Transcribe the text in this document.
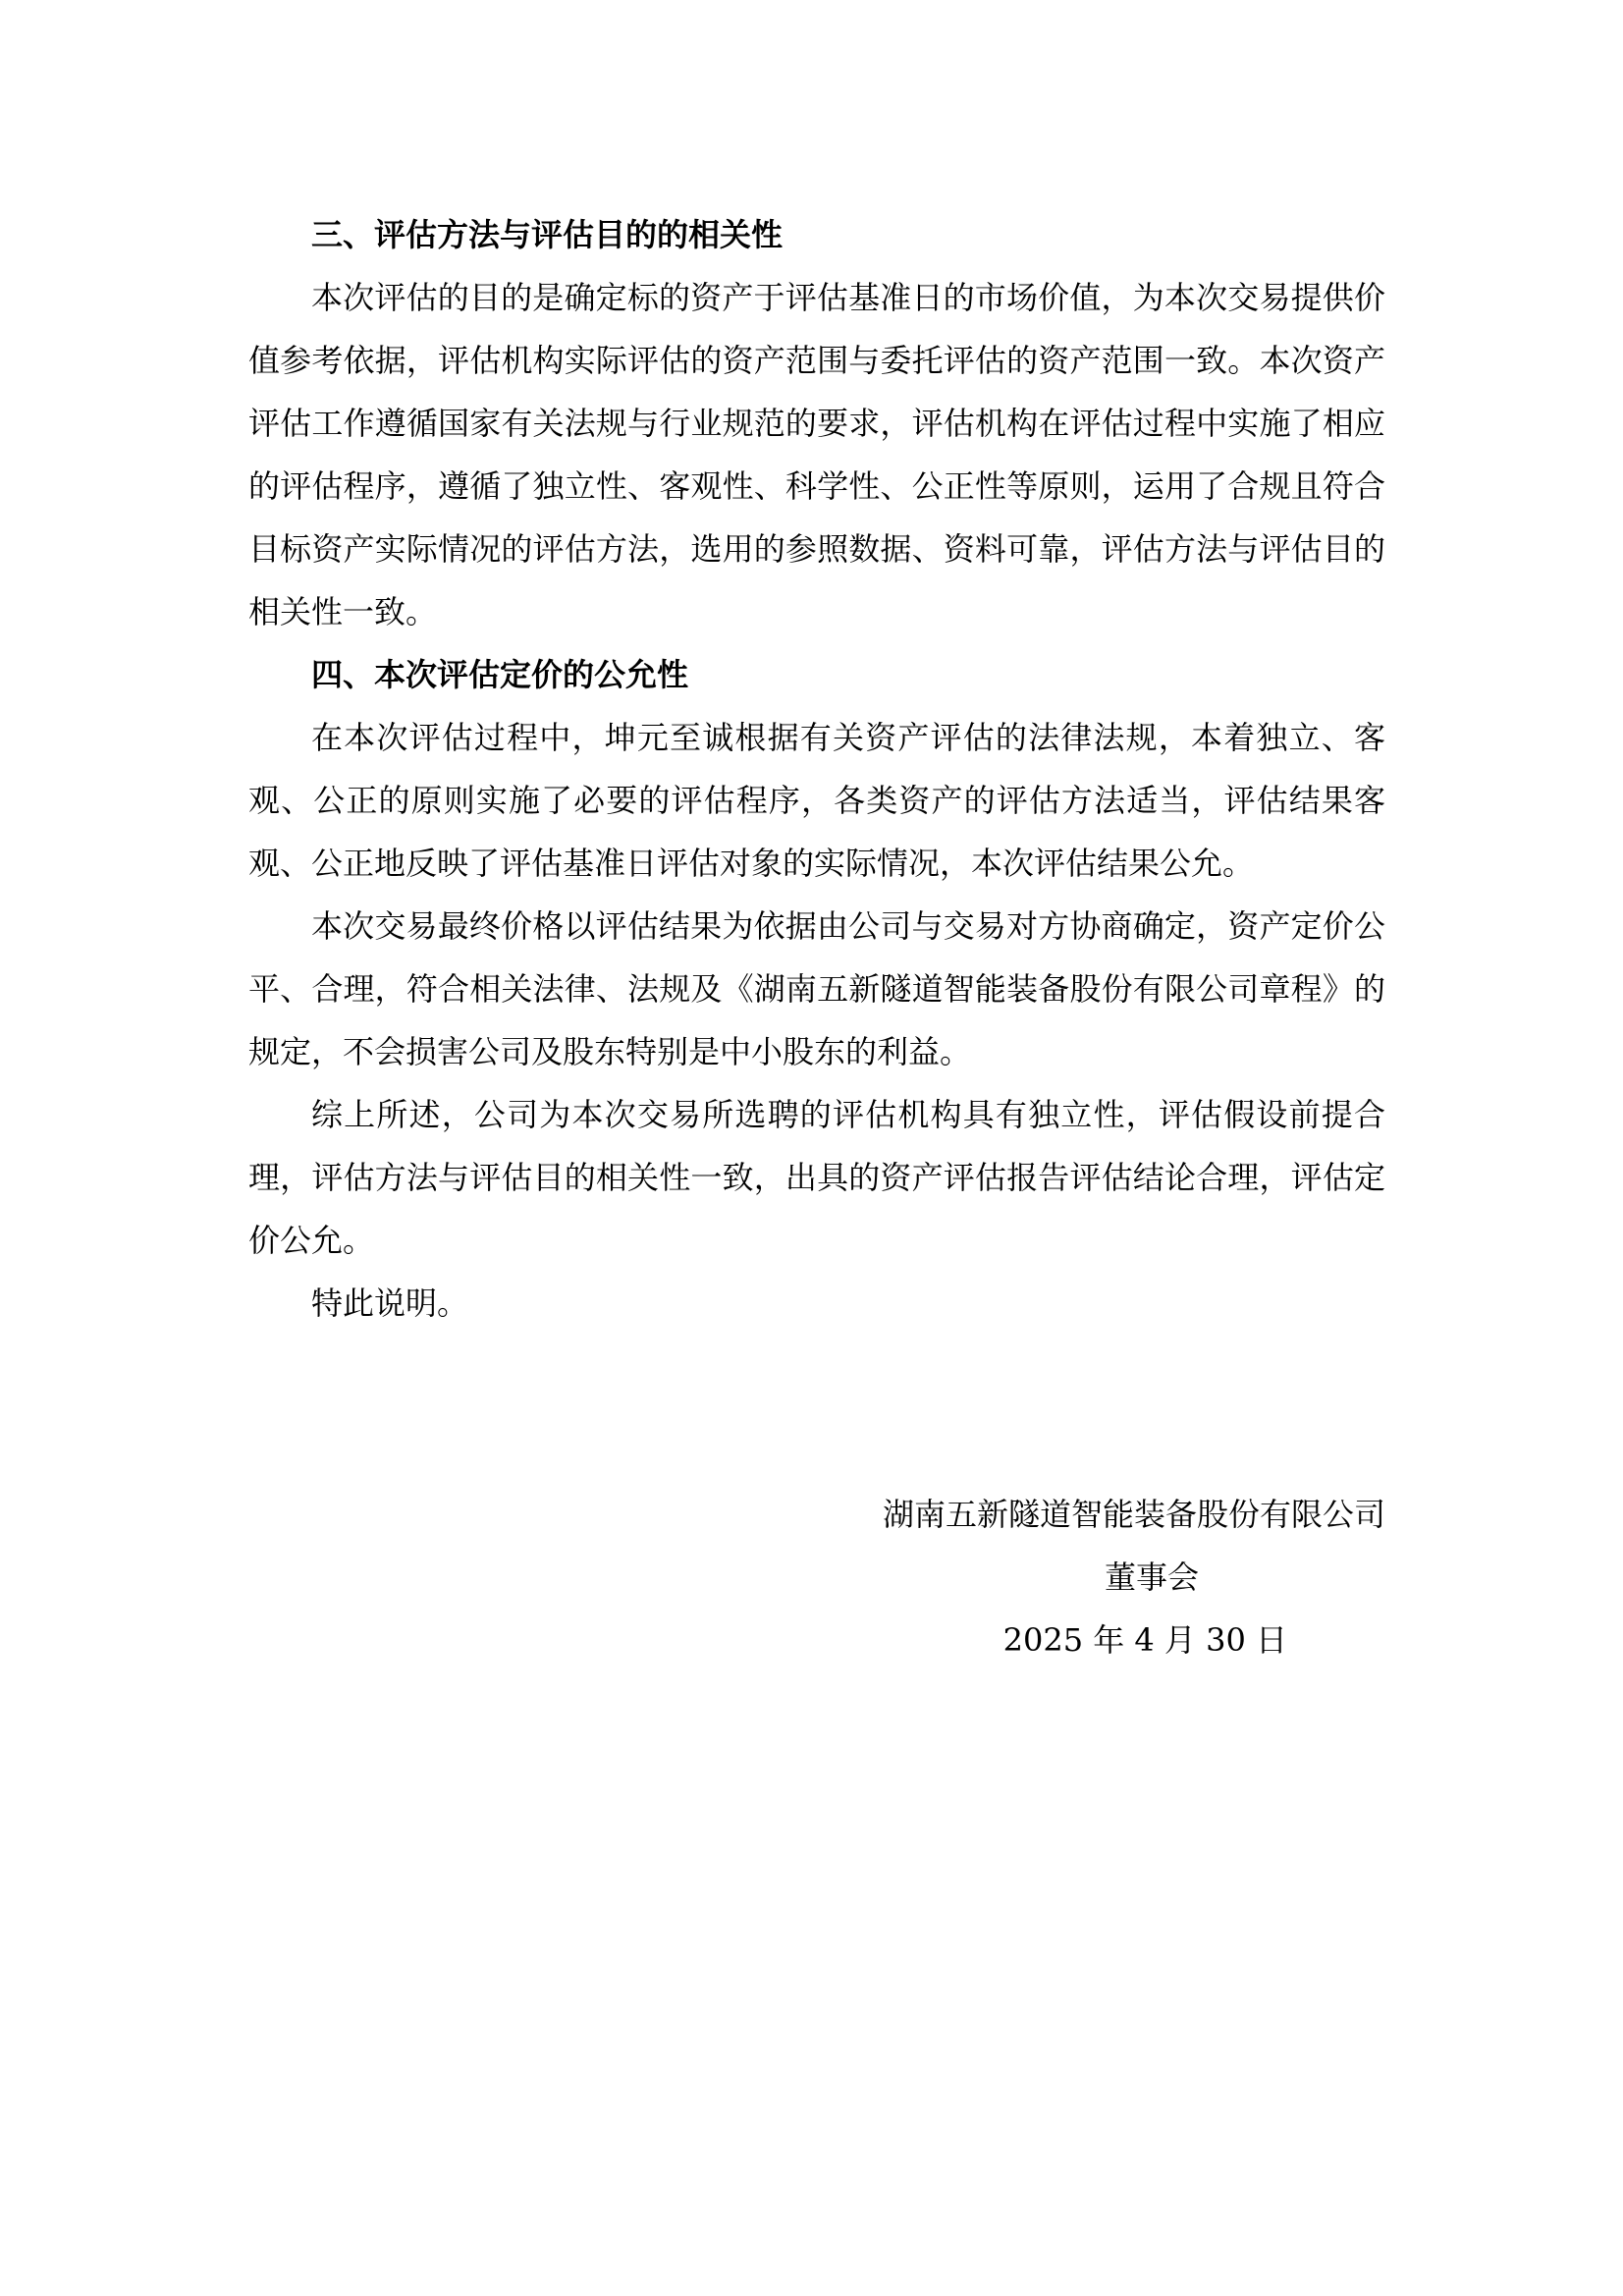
三、评估方法与评估目的的相关性

本次评估的目的是确定标的资产于评估基准日的市场价值，为本次交易提供价值参考依据，评估机构实际评估的资产范围与委托评估的资产范围一致。本次资产评估工作遵循国家有关法规与行业规范的要求，评估机构在评估过程中实施了相应的评估程序，遵循了独立性、客观性、科学性、公正性等原则，运用了合规且符合目标资产实际情况的评估方法，选用的参照数据、资料可靠，评估方法与评估目的相关性一致。

四、本次评估定价的公允性

在本次评估过程中，坤元至诚根据有关资产评估的法律法规，本着独立、客观、公正的原则实施了必要的评估程序，各类资产的评估方法适当，评估结果客观、公正地反映了评估基准日评估对象的实际情况，本次评估结果公允。

本次交易最终价格以评估结果为依据由公司与交易对方协商确定，资产定价公平、合理，符合相关法律、法规及《湖南五新隧道智能装备股份有限公司章程》的规定，不会损害公司及股东特别是中小股东的利益。

综上所述，公司为本次交易所选聘的评估机构具有独立性，评估假设前提合理，评估方法与评估目的相关性一致，出具的资产评估报告评估结论合理，评估定价公允。

特此说明。

湖南五新隧道智能装备股份有限公司
董事会
2025 年 4 月 30 日
